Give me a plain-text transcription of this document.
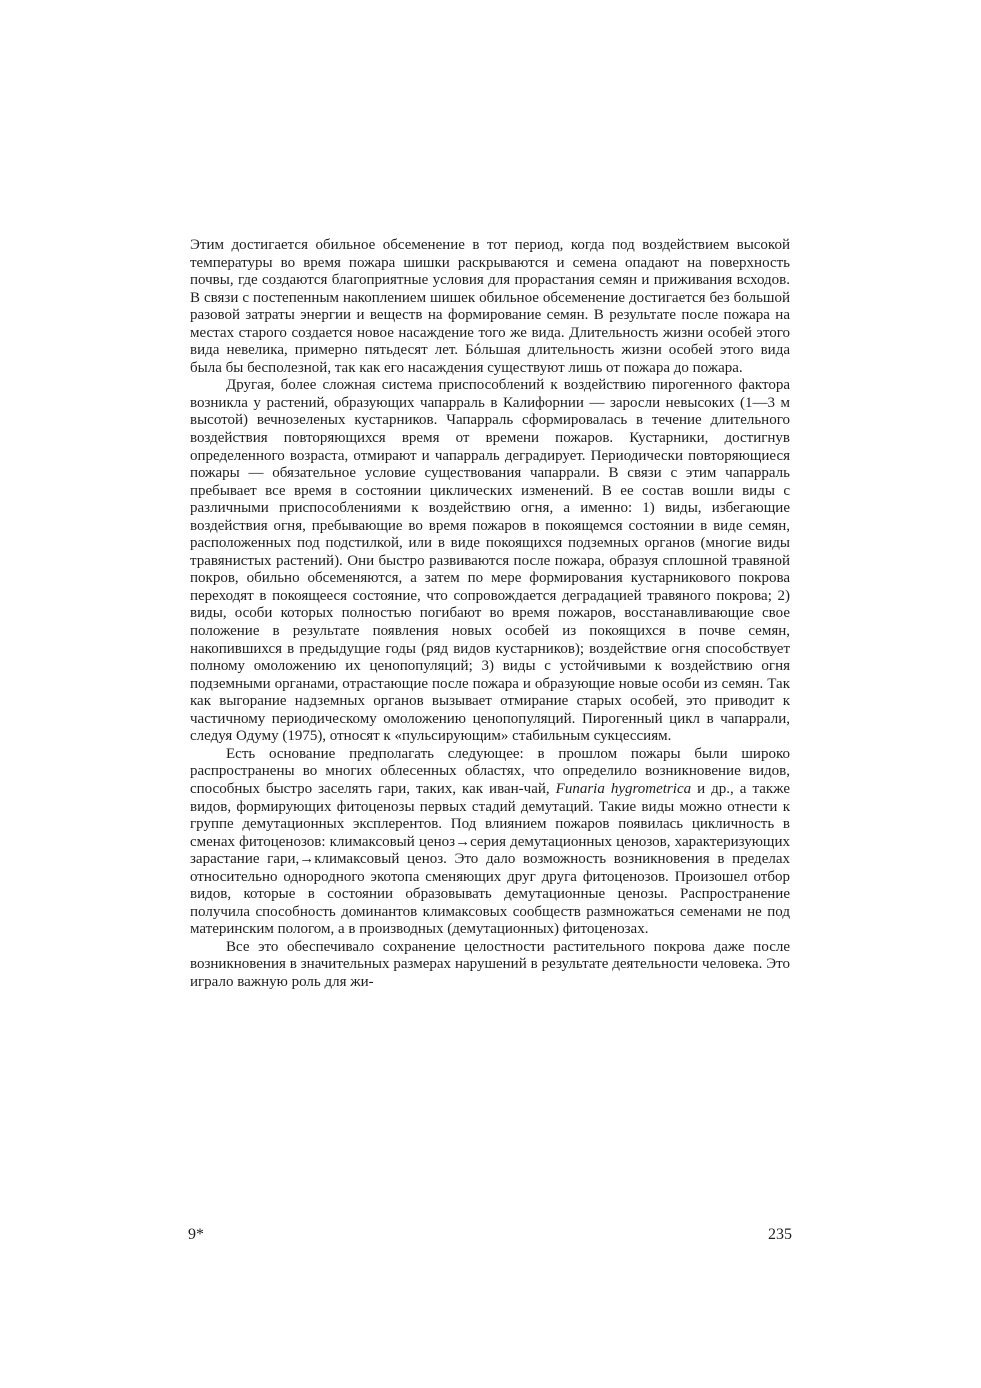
Этим достигается обильное обсеменение в тот период, когда под воздействием высокой температуры во время пожара шишки раскрываются и семена опадают на поверхность почвы, где создаются благоприятные условия для прорастания семян и приживания всходов. В связи с постепенным накоплением шишек обильное обсеменение достигается без большой разовой затраты энергии и веществ на формирование семян. В результате после пожара на местах старого создается новое насаждение того же вида. Длительность жизни особей этого вида невелика, примерно пятьдесят лет. Бóльшая длительность жизни особей этого вида была бы бесполезной, так как его насаждения существуют лишь от пожара до пожара.

Другая, более сложная система приспособлений к воздействию пирогенного фактора возникла у растений, образующих чапарраль в Калифорнии — заросли невысоких (1—3 м высотой) вечнозеленых кустарников. Чапарраль сформировалась в течение длительного воздействия повторяющихся время от времени пожаров. Кустарники, достигнув определенного возраста, отмирают и чапарраль деградирует. Периодически повторяющиеся пожары — обязательное условие существования чапаррали. В связи с этим чапарраль пребывает все время в состоянии циклических изменений. В ее состав вошли виды с различными приспособлениями к воздействию огня, а именно: 1) виды, избегающие воздействия огня, пребывающие во время пожаров в покоящемся состоянии в виде семян, расположенных под подстилкой, или в виде покоящихся подземных органов (многие виды травянистых растений). Они быстро развиваются после пожара, образуя сплошной травяной покров, обильно обсеменяются, а затем по мере формирования кустарникового покрова переходят в покоящееся состояние, что сопровождается деградацией травяного покрова; 2) виды, особи которых полностью погибают во время пожаров, восстанавливающие свое положение в результате появления новых особей из покоящихся в почве семян, накопившихся в предыдущие годы (ряд видов кустарников); воздействие огня способствует полному омоложению их ценопопуляций; 3) виды с устойчивыми к воздействию огня подземными органами, отрастающие после пожара и образующие новые особи из семян. Так как выгорание надземных органов вызывает отмирание старых особей, это приводит к частичному периодическому омоложению ценопопуляций. Пирогенный цикл в чапаррали, следуя Одуму (1975), относят к «пульсирующим» стабильным сукцессиям.

Есть основание предполагать следующее: в прошлом пожары были широко распространены во многих облесенных областях, что определило возникновение видов, способных быстро заселять гари, таких, как иван-чай, Funaria hygrometrica и др., а также видов, формирующих фитоценозы первых стадий демутаций. Такие виды можно отнести к группе демутационных эксплерентов. Под влиянием пожаров появилась цикличность в сменах фитоценозов: климаксовый ценоз→серия демутационных ценозов, характеризующих зарастание гари,→климаксовый ценоз. Это дало возможность возникновения в пределах относительно однородного экотопа сменяющих друг друга фитоценозов. Произошел отбор видов, которые в состоянии образовывать демутационные ценозы. Распространение получила способность доминантов климаксовых сообществ размножаться семенами не под материнским пологом, а в производных (демутационных) фитоценозах.

Все это обеспечивало сохранение целостности растительного покрова даже после возникновения в значительных размерах нарушений в результате деятельности человека. Это играло важную роль для жи-

9*	235
